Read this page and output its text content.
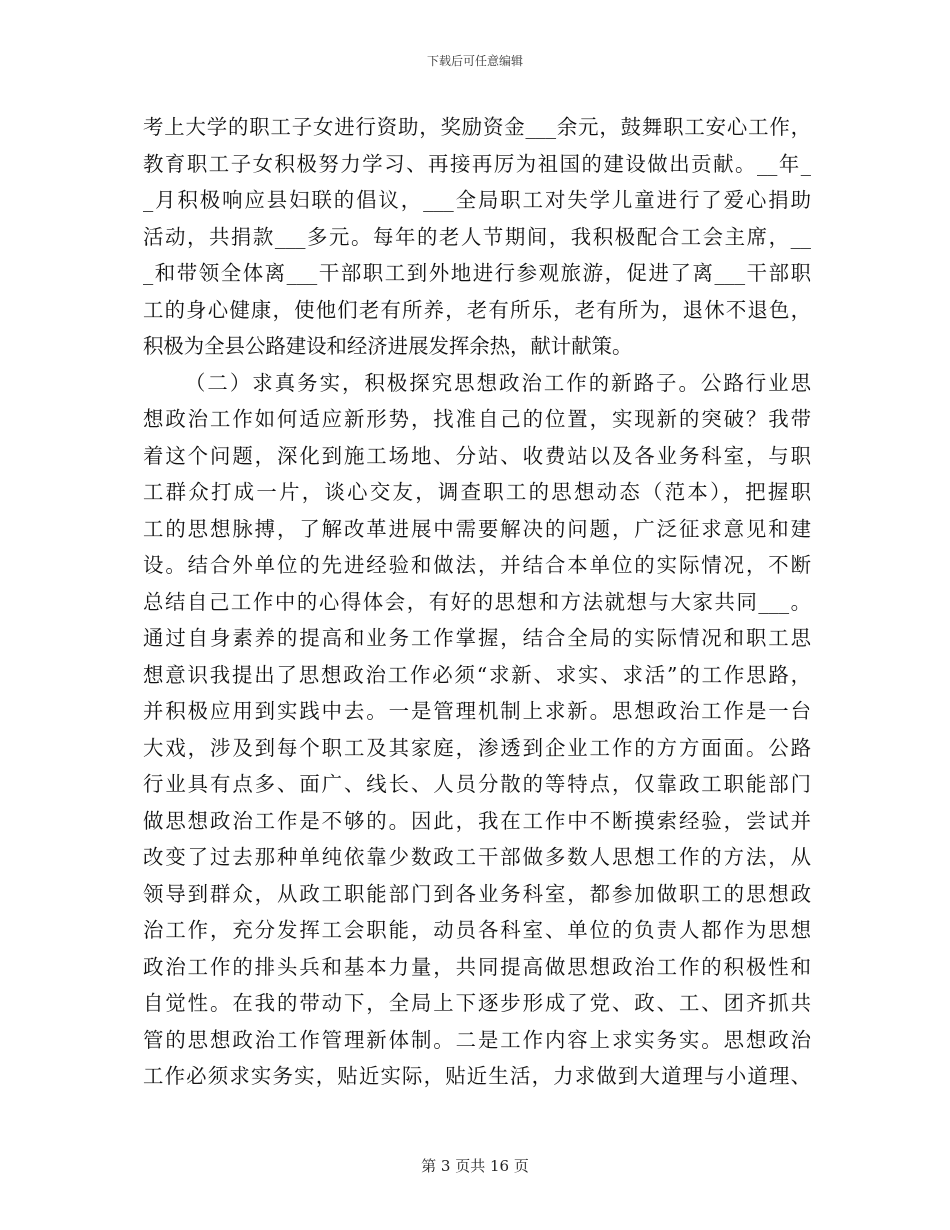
下载后可任意编辑
考上大学的职工子女进行资助，奖励资金___余元，鼓舞职工安心工作，
教育职工子女积极努力学习、再接再厉为祖国的建设做出贡献。__年_
_月积极响应县妇联的倡议，___全局职工对失学儿童进行了爱心捐助
活动，共捐款___多元。每年的老人节期间，我积极配合工会主席，__
_和带领全体离___干部职工到外地进行参观旅游，促进了离___干部职
工的身心健康，使他们老有所养，老有所乐，老有所为，退休不退色，
积极为全县公路建设和经济进展发挥余热，献计献策。
（二）求真务实，积极探究思想政治工作的新路子。公路行业思
想政治工作如何适应新形势，找准自己的位置，实现新的突破？我带
着这个问题，深化到施工场地、分站、收费站以及各业务科室，与职
工群众打成一片，谈心交友，调查职工的思想动态（范本），把握职
工的思想脉搏，了解改革进展中需要解决的问题，广泛征求意见和建
设。结合外单位的先进经验和做法，并结合本单位的实际情况，不断
总结自己工作中的心得体会，有好的思想和方法就想与大家共同___。
通过自身素养的提高和业务工作掌握，结合全局的实际情况和职工思
想意识我提出了思想政治工作必须“求新、求实、求活”的工作思路，
并积极应用到实践中去。一是管理机制上求新。思想政治工作是一台
大戏，涉及到每个职工及其家庭，渗透到企业工作的方方面面。公路
行业具有点多、面广、线长、人员分散的等特点，仅靠政工职能部门
做思想政治工作是不够的。因此，我在工作中不断摸索经验，尝试并
改变了过去那种单纯依靠少数政工干部做多数人思想工作的方法，从
领导到群众，从政工职能部门到各业务科室，都参加做职工的思想政
治工作，充分发挥工会职能，动员各科室、单位的负责人都作为思想
政治工作的排头兵和基本力量，共同提高做思想政治工作的积极性和
自觉性。在我的带动下，全局上下逐步形成了党、政、工、团齐抓共
管的思想政治工作管理新体制。二是工作内容上求实务实。思想政治
工作必须求实务实，贴近实际，贴近生活，力求做到大道理与小道理、
第 3 页共 16 页
